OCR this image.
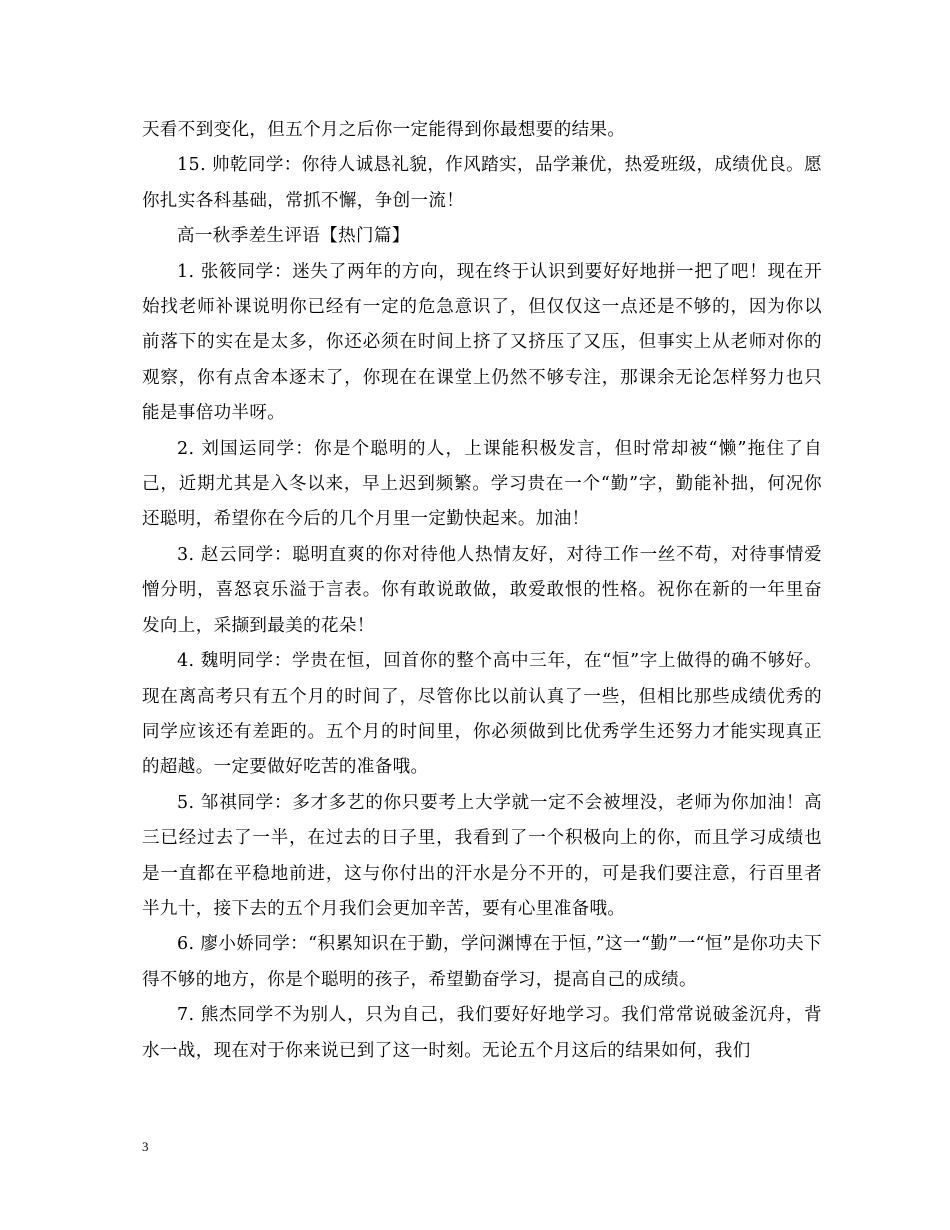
天看不到变化，但五个月之后你一定能得到你最想要的结果。

15. 帅乾同学：你待人诚恳礼貌，作风踏实，品学兼优，热爱班级，成绩优良。愿你扎实各科基础，常抓不懈，争创一流！

高一秋季差生评语【热门篇】

1. 张筱同学：迷失了两年的方向，现在终于认识到要好好地拼一把了吧！现在开始找老师补课说明你已经有一定的危急意识了，但仅仅这一点还是不够的，因为你以前落下的实在是太多，你还必须在时间上挤了又挤压了又压，但事实上从老师对你的观察，你有点舍本逐末了，你现在在课堂上仍然不够专注，那课余无论怎样努力也只能是事倍功半呀。

2. 刘国运同学：你是个聪明的人，上课能积极发言，但时常却被“懒”拖住了自己，近期尤其是入冬以来，早上迟到频繁。学习贵在一个“勤”字，勤能补拙，何况你还聪明，希望你在今后的几个月里一定勤快起来。加油！

3. 赵云同学：聪明直爽的你对待他人热情友好，对待工作一丝不苟，对待事情爱憎分明，喜怒哀乐溢于言表。你有敢说敢做，敢爱敢恨的性格。祝你在新的一年里奋发向上，采撷到最美的花朵！

4. 魏明同学：学贵在恒，回首你的整个高中三年，在“恒”字上做得的确不够好。现在离高考只有五个月的时间了，尽管你比以前认真了一些，但相比那些成绩优秀的同学应该还有差距的。五个月的时间里，你必须做到比优秀学生还努力才能实现真正的超越。一定要做好吃苦的准备哦。

5. 邹祺同学：多才多艺的你只要考上大学就一定不会被埋没，老师为你加油！高三已经过去了一半，在过去的日子里，我看到了一个积极向上的你，而且学习成绩也是一直都在平稳地前进，这与你付出的汗水是分不开的，可是我们要注意，行百里者半九十，接下去的五个月我们会更加辛苦，要有心里准备哦。

6. 廖小娇同学：“积累知识在于勤，学问渊博在于恒，”这一“勤”一“恒”是你功夫下得不够的地方，你是个聪明的孩子，希望勤奋学习，提高自己的成绩。

7. 熊杰同学不为别人，只为自己，我们要好好地学习。我们常常说破釜沉舟，背水一战，现在对于你来说已到了这一时刻。无论五个月这后的结果如何，我们

3
